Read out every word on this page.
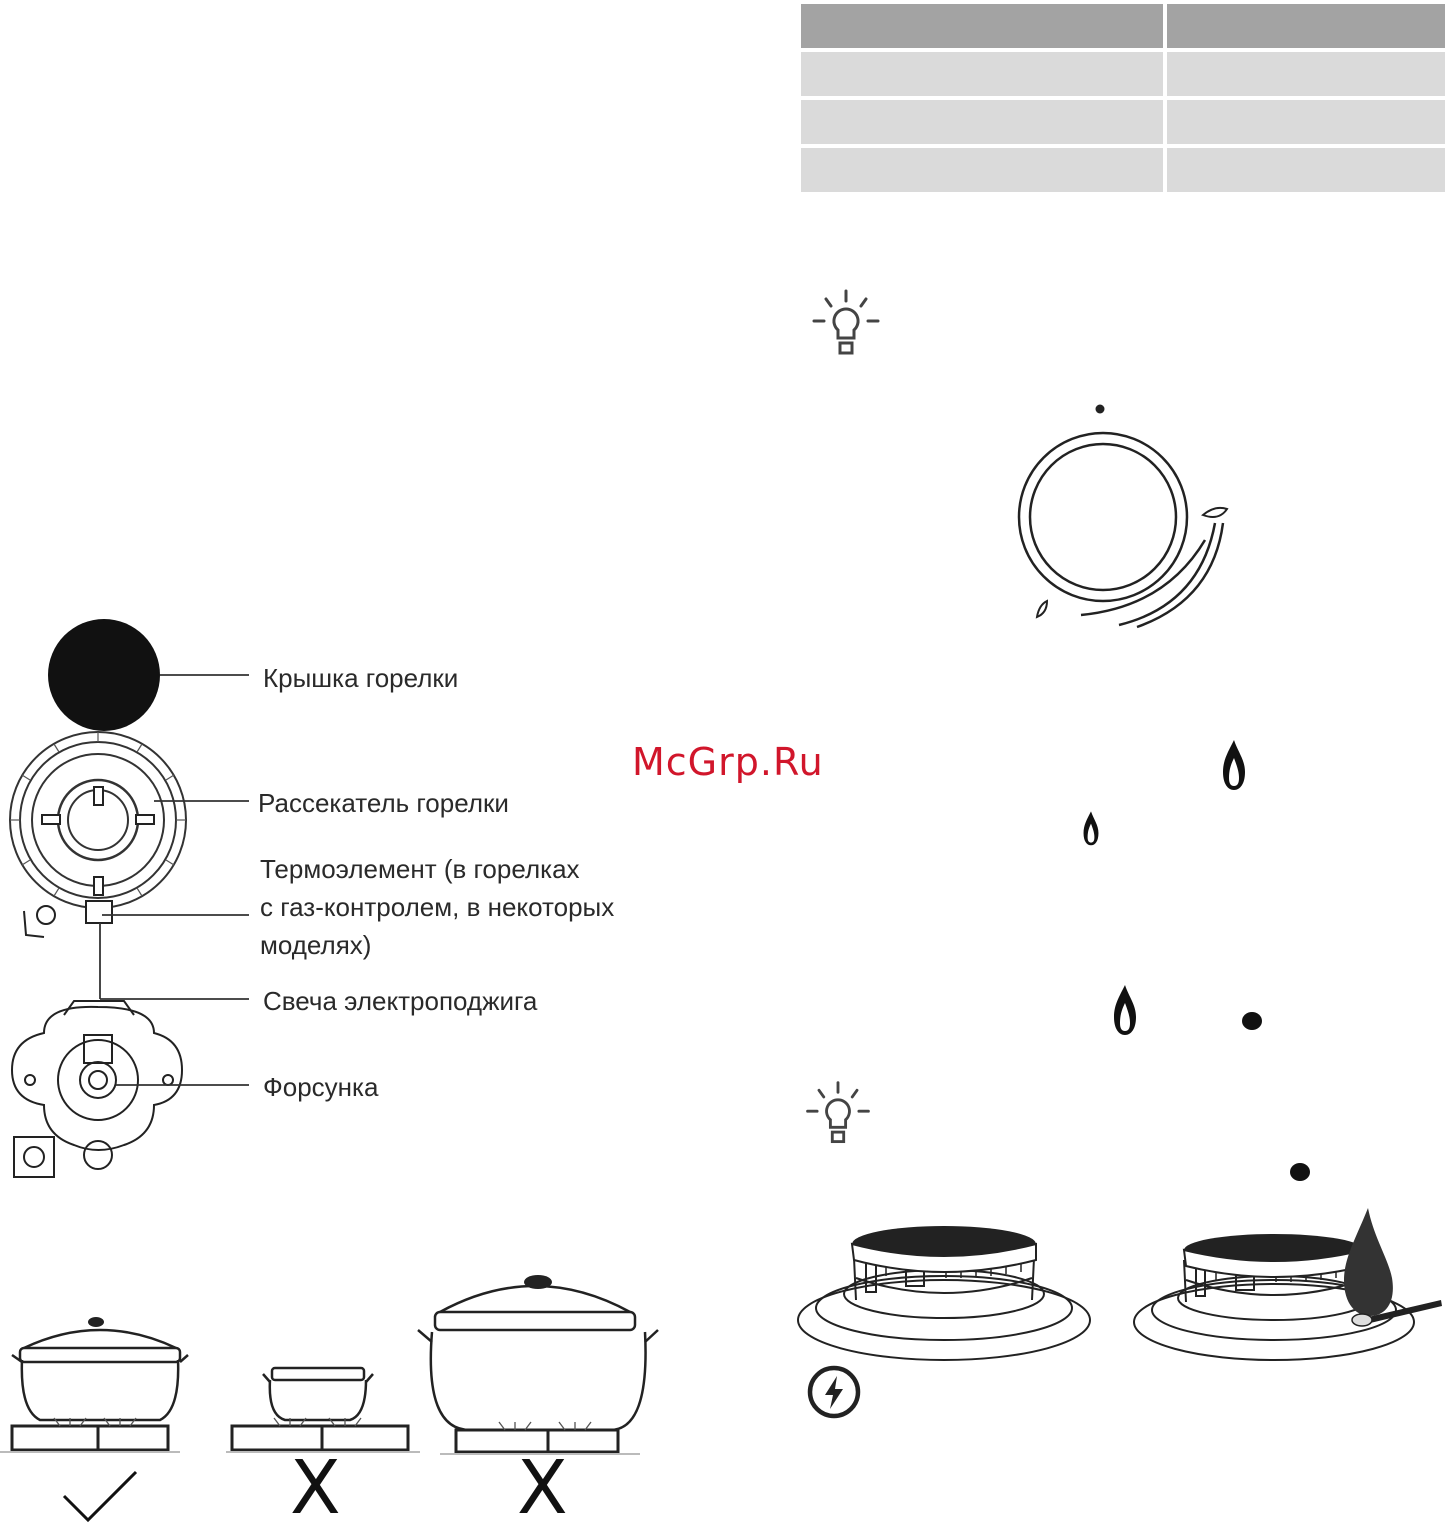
McGrp.Ru
Крышка горелки
Рассекатель горелки
Термоэлемент (в горелках
с газ-контролем, в некоторых
моделях)
Свеча электроподжига
Форсунка
X X
